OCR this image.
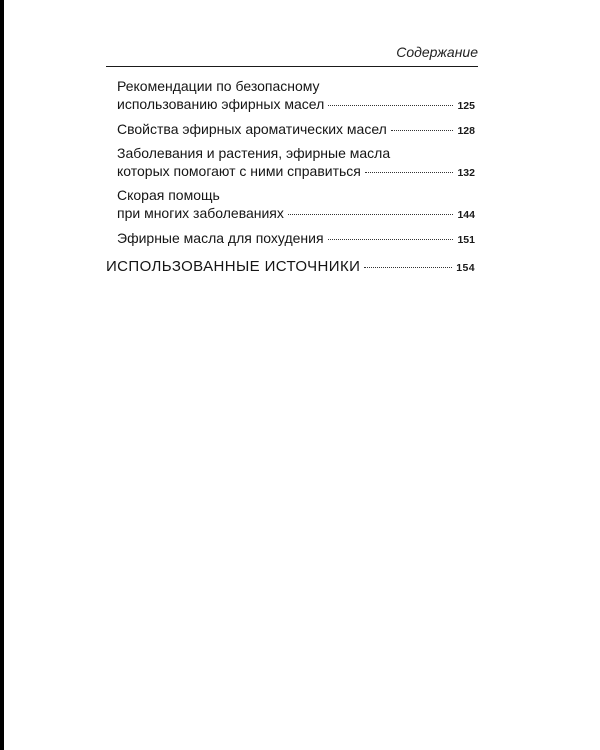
Содержание
Рекомендации по безопасному
использованию эфирных масел	125
Свойства эфирных ароматических масел	128
Заболевания и растения, эфирные масла
которых помогают с ними справиться	132
Скорая помощь
при многих заболеваниях	144
Эфирные масла для похудения	151
ИСПОЛЬЗОВАННЫЕ ИСТОЧНИКИ	154
